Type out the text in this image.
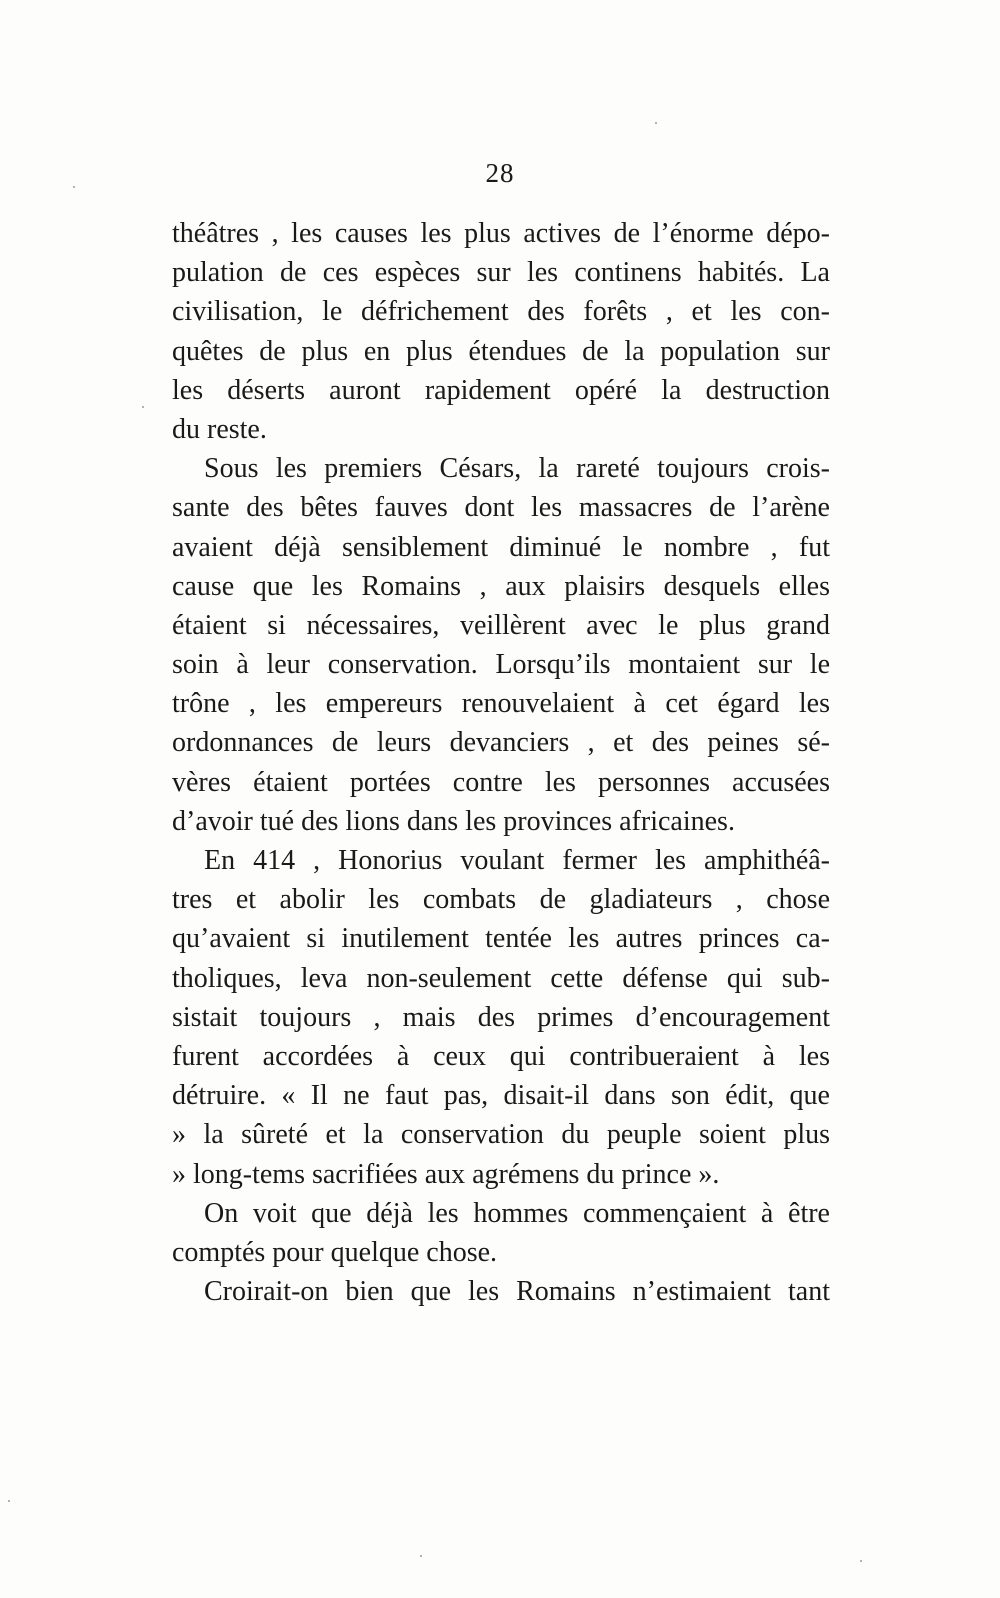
28
théâtres , les causes les plus actives de l’énorme dépo-
pulation de ces espèces sur les continens habités. La
civilisation, le défrichement des forêts , et les con-
quêtes de plus en plus étendues de la population sur
les déserts auront rapidement opéré la destruction
du reste.
Sous les premiers Césars, la rareté toujours crois-
sante des bêtes fauves dont les massacres de l’arène
avaient déjà sensiblement diminué le nombre , fut
cause que les Romains , aux plaisirs desquels elles
étaient si nécessaires, veillèrent avec le plus grand
soin à leur conservation. Lorsqu’ils montaient sur le
trône , les empereurs renouvelaient à cet égard les
ordonnances de leurs devanciers , et des peines sé-
vères étaient portées contre les personnes accusées
d’avoir tué des lions dans les provinces africaines.
En 414 , Honorius voulant fermer les amphithéâ-
tres et abolir les combats de gladiateurs , chose
qu’avaient si inutilement tentée les autres princes ca-
tholiques, leva non-seulement cette défense qui sub-
sistait toujours , mais des primes d’encouragement
furent accordées à ceux qui contribueraient à les
détruire. « Il ne faut pas, disait-il dans son édit, que
» la sûreté et la conservation du peuple soient plus
» long-tems sacrifiées aux agrémens du prince ».
On voit que déjà les hommes commençaient à être
comptés pour quelque chose.
Croirait-on bien que les Romains n’estimaient tant
